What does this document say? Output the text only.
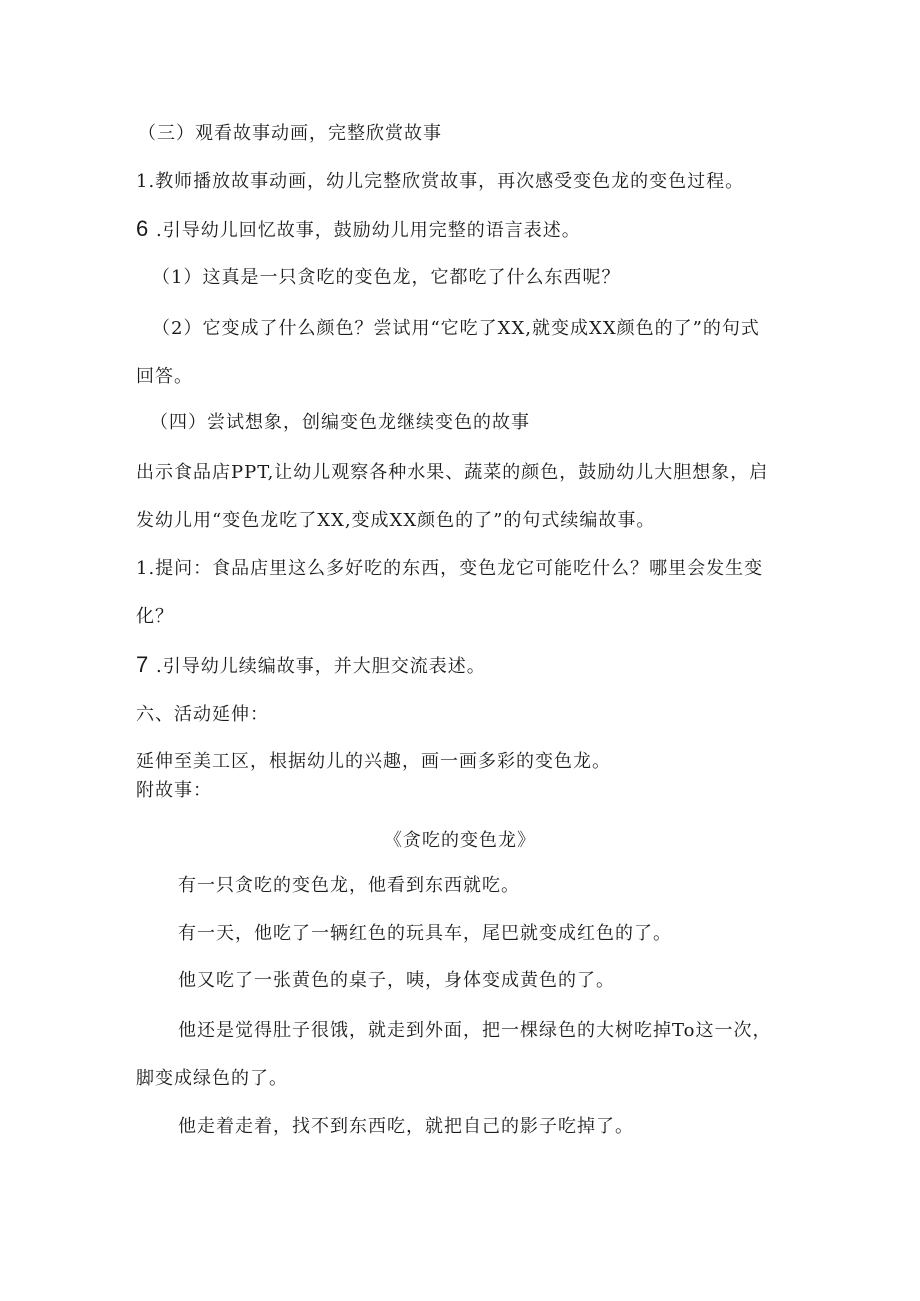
（三）观看故事动画，完整欣赏故事
1.教师播放故事动画，幼儿完整欣赏故事，再次感受变色龙的变色过程。
6 .引导幼儿回忆故事，鼓励幼儿用完整的语言表述。
（1）这真是一只贪吃的变色龙，它都吃了什么东西呢？
（2）它变成了什么颜色？尝试用“它吃了XX,就变成XX颜色的了”的句式
回答。
（四）尝试想象，创编变色龙继续变色的故事
出示食品店PPT,让幼儿观察各种水果、蔬菜的颜色，鼓励幼儿大胆想象，启
发幼儿用“变色龙吃了XX,变成XX颜色的了”的句式续编故事。
1.提问：食品店里这么多好吃的东西，变色龙它可能吃什么？哪里会发生变
化？
7 .引导幼儿续编故事，并大胆交流表述。
六、活动延伸：
延伸至美工区，根据幼儿的兴趣，画一画多彩的变色龙。
附故事：
《贪吃的变色龙》
有一只贪吃的变色龙，他看到东西就吃。
有一天，他吃了一辆红色的玩具车，尾巴就变成红色的了。
他又吃了一张黄色的桌子，咦，身体变成黄色的了。
他还是觉得肚子很饿，就走到外面，把一棵绿色的大树吃掉To这一次，
脚变成绿色的了。
他走着走着，找不到东西吃，就把自己的影子吃掉了。
